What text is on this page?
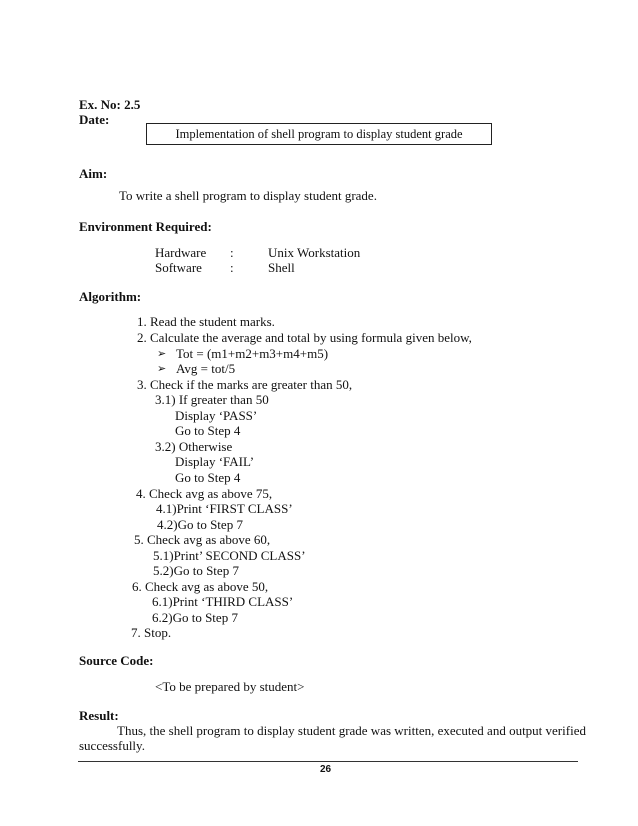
Ex. No: 2.5
Date:
Implementation of shell program to display student grade
Aim:
To write a shell program to display student grade.
Environment Required:
Hardware :	Unix Workstation
Software :	Shell
Algorithm:
1. Read the student marks.
2. Calculate the average and total by using formula given below,
➢ Tot = (m1+m2+m3+m4+m5)
➢ Avg = tot/5
3. Check if the marks are greater than 50,
3.1) If greater than 50
Display ‘PASS’
Go to Step 4
3.2) Otherwise
Display ‘FAIL’
Go to Step 4
4. Check avg as above 75,
4.1)Print ‘FIRST CLASS’
4.2)Go to Step 7
5. Check avg as above 60,
5.1)Print’ SECOND CLASS’
5.2)Go to Step 7
6. Check avg as above 50,
6.1)Print ‘THIRD CLASS’
6.2)Go to Step 7
7. Stop.
Source Code:
<To be prepared by student>
Result:
Thus, the shell program to display student grade was written, executed and output verified
successfully.
26
